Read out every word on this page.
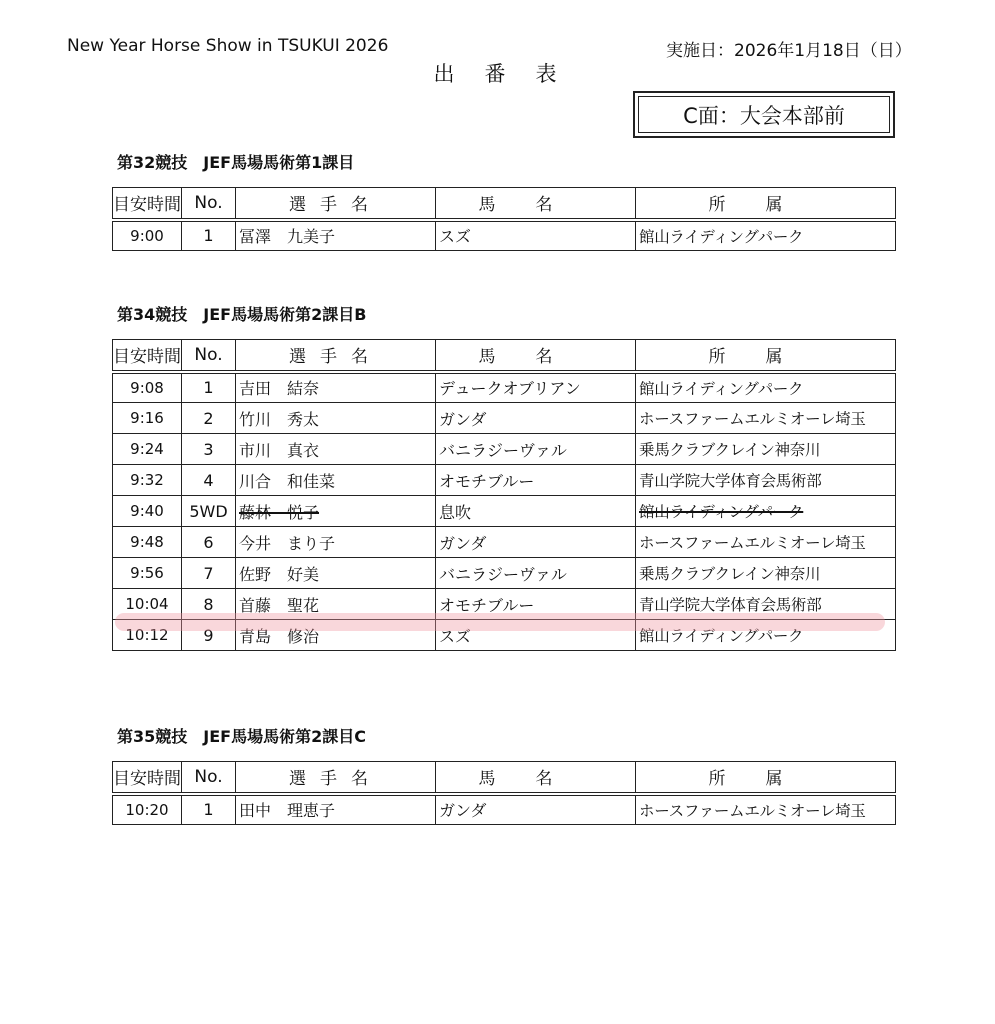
New Year Horse Show in TSUKUI 2026	実施日：2026年1月18日（日）
出番表
C面：大会本部前
第32競技　JEF馬場馬術第1課目
目安時間	No.	選手名	馬名	所属
9:00	1	冨澤　九美子	スズ	館山ライディングパーク
第34競技　JEF馬場馬術第2課目B
目安時間	No.	選手名	馬名	所属
9:08	1	吉田　結奈	デュークオブリアン	館山ライディングパーク
9:16	2	竹川　秀太	ガンダ	ホースファームエルミオーレ埼玉
9:24	3	市川　真衣	バニラジーヴァル	乗馬クラブクレイン神奈川
9:32	4	川合　和佳菜	オモチブルー	青山学院大学体育会馬術部
9:40	5WD	藤林　悦子	息吹	館山ライディングパーク
9:48	6	今井　まり子	ガンダ	ホースファームエルミオーレ埼玉
9:56	7	佐野　好美	バニラジーヴァル	乗馬クラブクレイン神奈川
10:04	8	首藤　聖花	オモチブルー	青山学院大学体育会馬術部
10:12	9	青島　修治	スズ	館山ライディングパーク
第35競技　JEF馬場馬術第2課目C
目安時間	No.	選手名	馬名	所属
10:20	1	田中　理恵子	ガンダ	ホースファームエルミオーレ埼玉
